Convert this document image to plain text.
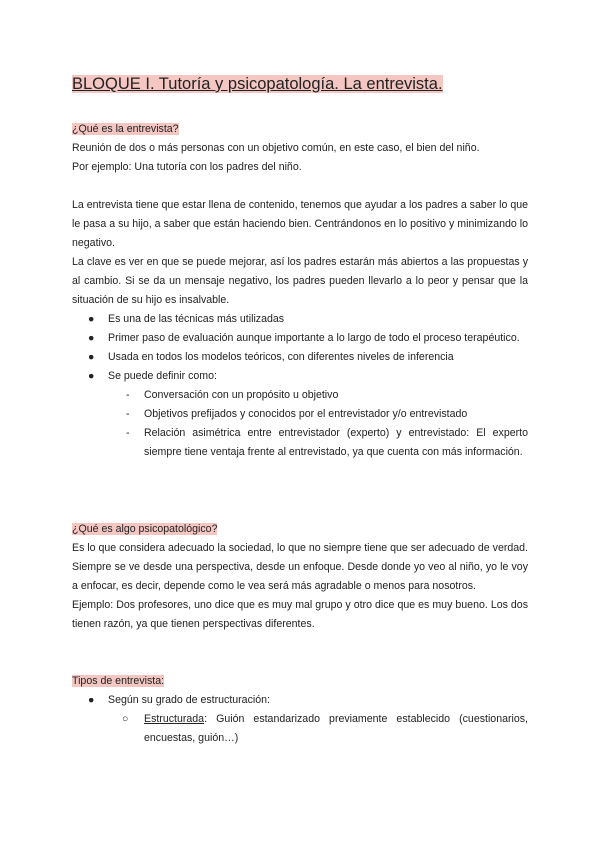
BLOQUE I. Tutoría y psicopatología. La entrevista.
¿Qué es la entrevista?

Reunión de dos o más personas con un objetivo común, en este caso, el bien del niño.

Por ejemplo: Una tutoría con los padres del niño.

La entrevista tiene que estar llena de contenido, tenemos que ayudar a los padres a saber lo que le pasa a su hijo, a saber que están haciendo bien. Centrándonos en lo positivo y minimizando lo negativo.

La clave es ver en que se puede mejorar, así los padres estarán más abiertos a las propuestas y al cambio. Si se da un mensaje negativo, los padres pueden llevarlo a lo peor y pensar que la situación de su hijo es insalvable.

● Es una de las técnicas más utilizadas
● Primer paso de evaluación aunque importante a lo largo de todo el proceso terapéutico.
● Usada en todos los modelos teóricos, con diferentes niveles de inferencia
● Se puede definir como:
- Conversación con un propósito u objetivo
- Objetivos prefijados y conocidos por el entrevistador y/o entrevistado
- Relación asimétrica entre entrevistador (experto) y entrevistado: El experto siempre tiene ventaja frente al entrevistado, ya que cuenta con más información.
¿Qué es algo psicopatológico?

Es lo que considera adecuado la sociedad, lo que no siempre tiene que ser adecuado de verdad. Siempre se ve desde una perspectiva, desde un enfoque. Desde donde yo veo al niño, yo le voy a enfocar, es decir, depende como le vea será más agradable o menos para nosotros.

Ejemplo: Dos profesores, uno dice que es muy mal grupo y otro dice que es muy bueno. Los dos tienen razón, ya que tienen perspectivas diferentes.

Tipos de entrevista:
● Según su grado de estructuración:
○ Estructurada: Guión estandarizado previamente establecido (cuestionarios, encuestas, guión…)
